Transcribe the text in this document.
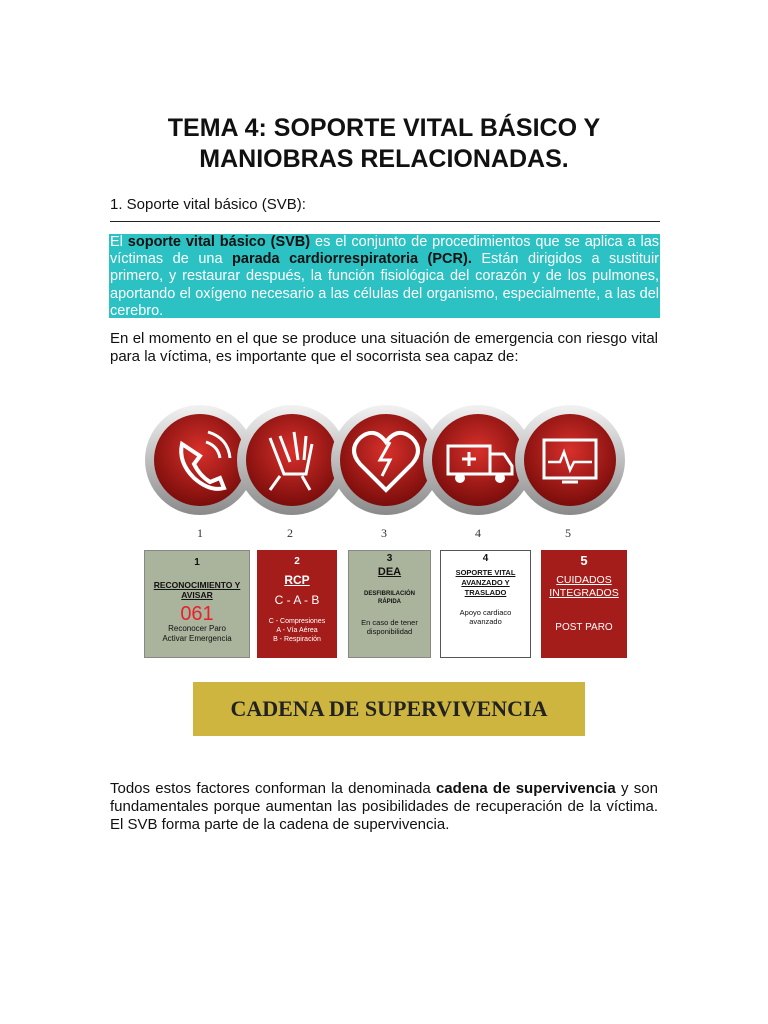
TEMA 4: SOPORTE VITAL BÁSICO Y MANIOBRAS RELACIONADAS.
1. Soporte vital básico (SVB):
El soporte vital básico (SVB) es el conjunto de procedimientos que se aplica a las víctimas de una parada cardiorrespiratoria (PCR). Están dirigidos a sustituir primero, y restaurar después, la función fisiológica del corazón y de los pulmones, aportando el oxígeno necesario a las células del organismo, especialmente, a las del cerebro.
En el momento en el que se produce una situación de emergencia con riesgo vital para la víctima, es importante que el socorrista sea capaz de:
1	2	3	4	5
1
RECONOCIMIENTO Y AVISAR
061
Reconocer Paro
Activar Emergencia
2
RCP
C - A - B
C - Compresiones
A - Vía Aérea
B - Respiración
3
DEA
DESFIBRILACIÓN RÁPIDA
En caso de tener disponibilidad
4
SOPORTE VITAL AVANZADO Y TRASLADO
Apoyo cardiaco avanzado
5
CUIDADOS INTEGRADOS
POST PARO
CADENA DE SUPERVIVENCIA
Todos estos factores conforman la denominada cadena de supervivencia y son fundamentales porque aumentan las posibilidades de recuperación de la víctima. El SVB forma parte de la cadena de supervivencia.
